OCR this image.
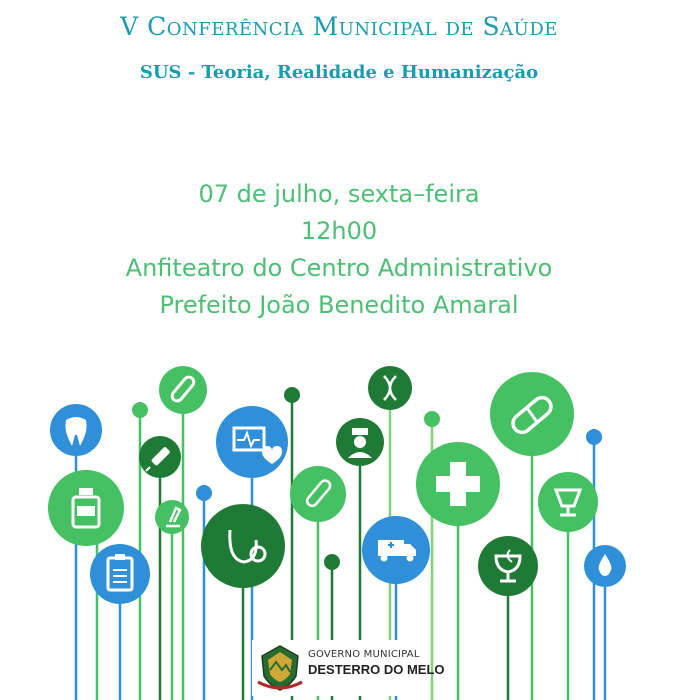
V Conferência Municipal de Saúde
SUS - Teoria, Realidade e Humanização
07 de julho, sexta–feira
12h00
Anfiteatro do Centro Administrativo
Prefeito João Benedito Amaral
GOVERNO MUNICIPAL
DESTERRO DO MELO
